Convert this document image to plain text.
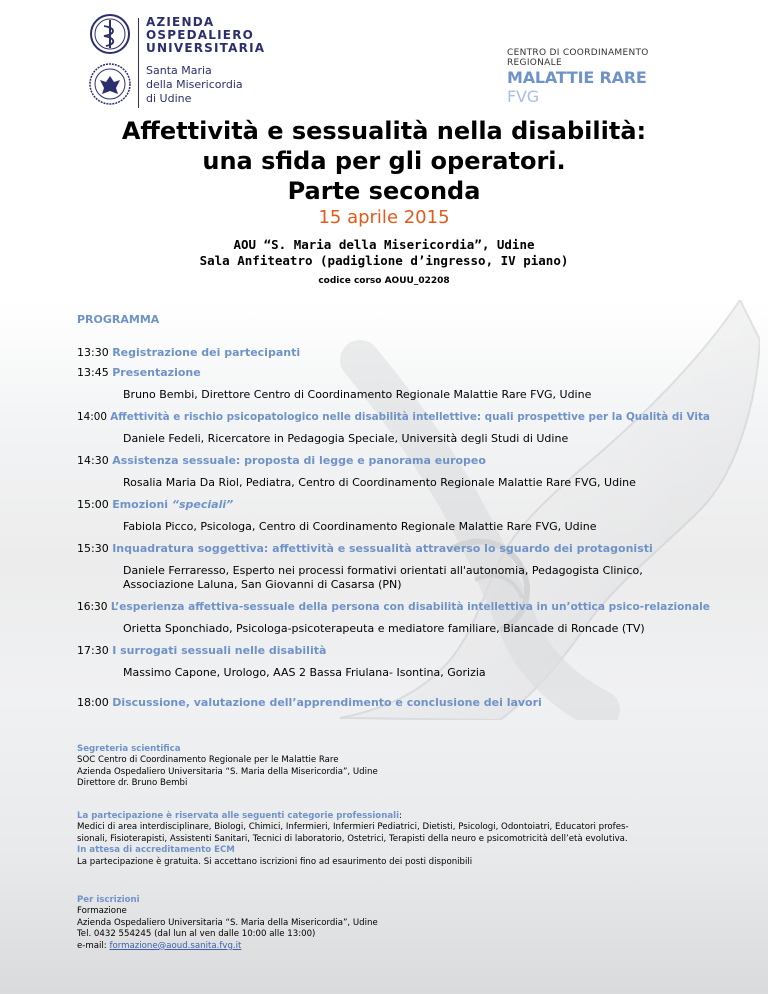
AZIENDA
OSPEDALIERO
UNIVERSITARIA
Santa Maria
della Misericordia
di Udine
CENTRO DI COORDINAMENTO REGIONALE
MALATTIE RARE FVG
Affettività e sessualità nella disabilità:
una sfida per gli operatori.
Parte seconda
15 aprile 2015
AOU “S. Maria della Misericordia”, Udine
Sala Anfiteatro (padiglione d’ingresso, IV piano)
codice corso AOUU_02208
PROGRAMMA
13:30 Registrazione dei partecipanti
13:45 Presentazione
Bruno Bembi, Direttore Centro di Coordinamento Regionale Malattie Rare FVG, Udine
14:00 Affettività e rischio psicopatologico nelle disabilità intellettive: quali prospettive per la Qualità di Vita
Daniele Fedeli, Ricercatore in Pedagogia Speciale, Università degli Studi di Udine
14:30 Assistenza sessuale: proposta di legge e panorama europeo
Rosalia Maria Da Riol, Pediatra, Centro di Coordinamento Regionale Malattie Rare FVG, Udine
15:00 Emozioni “speciali”
Fabiola Picco, Psicologa, Centro di Coordinamento Regionale Malattie Rare FVG, Udine
15:30 Inquadratura soggettiva: affettività e sessualità attraverso lo sguardo dei protagonisti
Daniele Ferraresso, Esperto nei processi formativi orientati all'autonomia, Pedagogista Clinico,
Associazione Laluna, San Giovanni di Casarsa (PN)
16:30 L’esperienza affettiva-sessuale della persona con disabilità intellettiva in un’ottica psico-relazionale
Orietta Sponchiado, Psicologa-psicoterapeuta e mediatore familiare, Biancade di Roncade (TV)
17:30 I surrogati sessuali nelle disabilità
Massimo Capone, Urologo, AAS 2 Bassa Friulana- Isontina, Gorizia
18:00 Discussione, valutazione dell’apprendimento e conclusione dei lavori
Segreteria scientifica
SOC Centro di Coordinamento Regionale per le Malattie Rare
Azienda Ospedaliero Universitaria “S. Maria della Misericordia”, Udine
Direttore dr. Bruno Bembi
La partecipazione è riservata alle seguenti categorie professionali:
Medici di area interdisciplinare, Biologi, Chimici, Infermieri, Infermieri Pediatrici, Dietisti, Psicologi, Odontoiatri, Educatori profes-
sionali, Fisioterapisti, Assistenti Sanitari, Tecnici di laboratorio, Ostetrici, Terapisti della neuro e psicomotricità dell’età evolutiva.
In attesa di accreditamento ECM
La partecipazione è gratuita. Si accettano iscrizioni fino ad esaurimento dei posti disponibili
Per iscrizioni
Formazione
Azienda Ospedaliero Universitaria “S. Maria della Misericordia”, Udine
Tel. 0432 554245 (dal lun al ven dalle 10:00 alle 13:00)
e-mail: formazione@aoud.sanita.fvg.it
